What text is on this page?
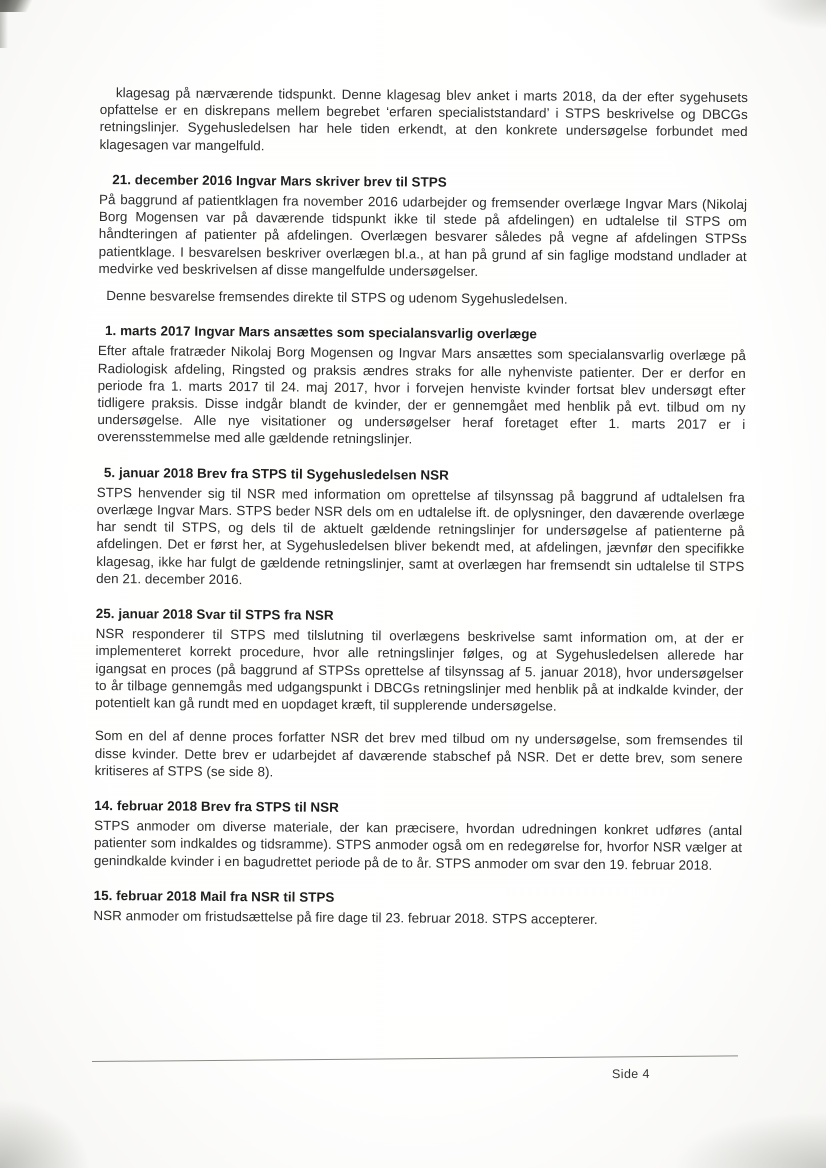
klagesag på nærværende tidspunkt. Denne klagesag blev anket i marts 2018, da der efter sygehusets opfattelse er en diskrepans mellem begrebet ‘erfaren specialiststandard’ i STPS beskrivelse og DBCGs retningslinjer. Sygehusledelsen har hele tiden erkendt, at den konkrete undersøgelse forbundet med klagesagen var mangelfuld.

21. december 2016 Ingvar Mars skriver brev til STPS

På baggrund af patientklagen fra november 2016 udarbejder og fremsender overlæge Ingvar Mars (Nikolaj Borg Mogensen var på daværende tidspunkt ikke til stede på afdelingen) en udtalelse til STPS om håndteringen af patienter på afdelingen. Overlægen besvarer således på vegne af afdelingen STPSs patientklage. I besvarelsen beskriver overlægen bl.a., at han på grund af sin faglige modstand undlader at medvirke ved beskrivelsen af disse mangelfulde undersøgelser.

Denne besvarelse fremsendes direkte til STPS og udenom Sygehusledelsen.

1. marts 2017 Ingvar Mars ansættes som specialansvarlig overlæge

Efter aftale fratræder Nikolaj Borg Mogensen og Ingvar Mars ansættes som specialansvarlig overlæge på Radiologisk afdeling, Ringsted og praksis ændres straks for alle nyhenviste patienter. Der er derfor en periode fra 1. marts 2017 til 24. maj 2017, hvor i forvejen henviste kvinder fortsat blev undersøgt efter tidligere praksis. Disse indgår blandt de kvinder, der er gennemgået med henblik på evt. tilbud om ny undersøgelse. Alle nye visitationer og undersøgelser heraf foretaget efter 1. marts 2017 er i overensstemmelse med alle gældende retningslinjer.

5. januar 2018 Brev fra STPS til Sygehusledelsen NSR

STPS henvender sig til NSR med information om oprettelse af tilsynssag på baggrund af udtalelsen fra overlæge Ingvar Mars. STPS beder NSR dels om en udtalelse ift. de oplysninger, den daværende overlæge har sendt til STPS, og dels til de aktuelt gældende retningslinjer for undersøgelse af patienterne på afdelingen. Det er først her, at Sygehusledelsen bliver bekendt med, at afdelingen, jævnfør den specifikke klagesag, ikke har fulgt de gældende retningslinjer, samt at overlægen har fremsendt sin udtalelse til STPS den 21. december 2016.

25. januar 2018 Svar til STPS fra NSR

NSR responderer til STPS med tilslutning til overlægens beskrivelse samt information om, at der er implementeret korrekt procedure, hvor alle retningslinjer følges, og at Sygehusledelsen allerede har igangsat en proces (på baggrund af STPSs oprettelse af tilsynssag af 5. januar 2018), hvor undersøgelser to år tilbage gennemgås med udgangspunkt i DBCGs retningslinjer med henblik på at indkalde kvinder, der potentielt kan gå rundt med en uopdaget kræft, til supplerende undersøgelse.

Som en del af denne proces forfatter NSR det brev med tilbud om ny undersøgelse, som fremsendes til disse kvinder. Dette brev er udarbejdet af daværende stabschef på NSR. Det er dette brev, som senere kritiseres af STPS (se side 8).

14. februar 2018 Brev fra STPS til NSR

STPS anmoder om diverse materiale, der kan præcisere, hvordan udredningen konkret udføres (antal patienter som indkaldes og tidsramme). STPS anmoder også om en redegørelse for, hvorfor NSR vælger at genindkalde kvinder i en bagudrettet periode på de to år. STPS anmoder om svar den 19. februar 2018.

15. februar 2018 Mail fra NSR til STPS

NSR anmoder om fristudsættelse på fire dage til 23. februar 2018. STPS accepterer.

Side 4
